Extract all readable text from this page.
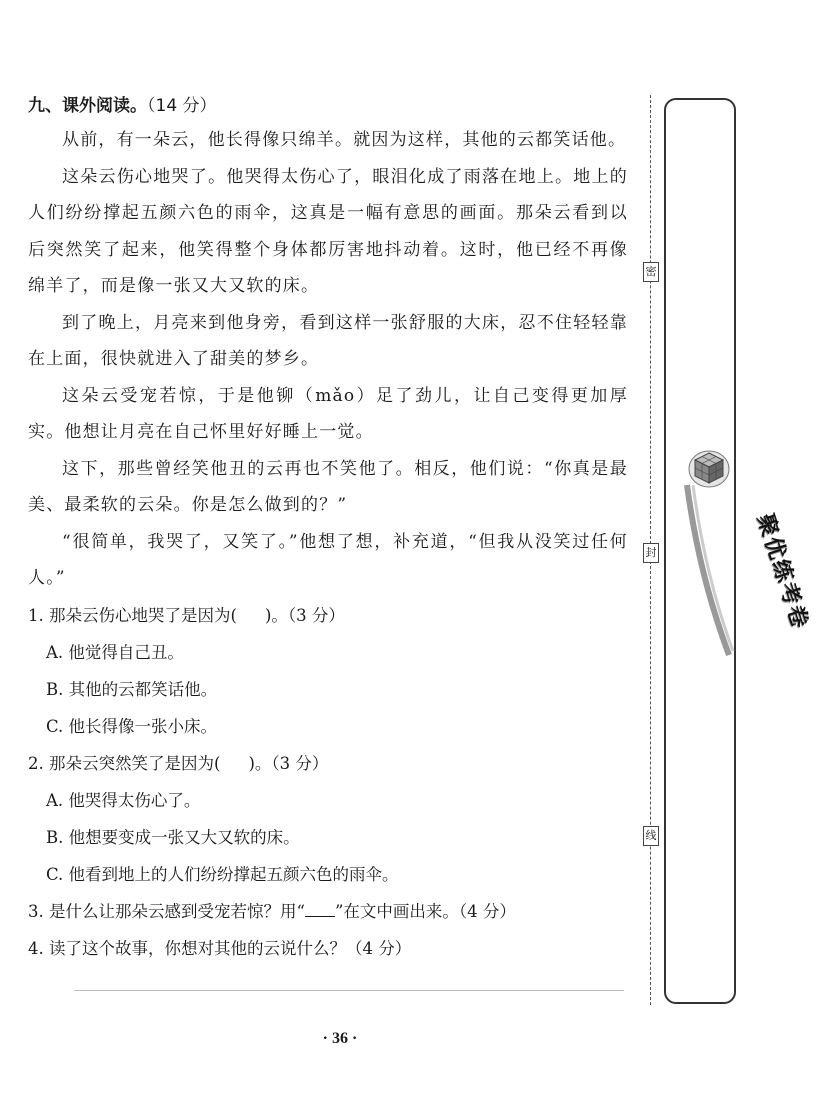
九、课外阅读。（14 分）

从前，有一朵云，他长得像只绵羊。就因为这样，其他的云都笑话他。

这朵云伤心地哭了。他哭得太伤心了，眼泪化成了雨落在地上。地上的人们纷纷撑起五颜六色的雨伞，这真是一幅有意思的画面。那朵云看到以后突然笑了起来，他笑得整个身体都厉害地抖动着。这时，他已经不再像绵羊了，而是像一张又大又软的床。

到了晚上，月亮来到他身旁，看到这样一张舒服的大床，忍不住轻轻靠在上面，很快就进入了甜美的梦乡。

这朵云受宠若惊，于是他铆（mǎo）足了劲儿，让自己变得更加厚实。他想让月亮在自己怀里好好睡上一觉。

这下，那些曾经笑他丑的云再也不笑他了。相反，他们说：“你真是最美、最柔软的云朵。你是怎么做到的？”

“很简单，我哭了，又笑了。”他想了想，补充道，“但我从没笑过任何人。”

1. 那朵云伤心地哭了是因为( )。（3 分）

A. 他觉得自己丑。

B. 其他的云都笑话他。

C. 他长得像一张小床。

2. 那朵云突然笑了是因为( )。（3 分）

A. 他哭得太伤心了。

B. 他想要变成一张又大又软的床。

C. 他看到地上的人们纷纷撑起五颜六色的雨伞。

3. 是什么让那朵云感到受宠若惊？用“ ”在文中画出来。（4 分）

4. 读了这个故事，你想对其他的云说什么？（4 分）

· 36 ·
密
封
线
聚优练考卷
